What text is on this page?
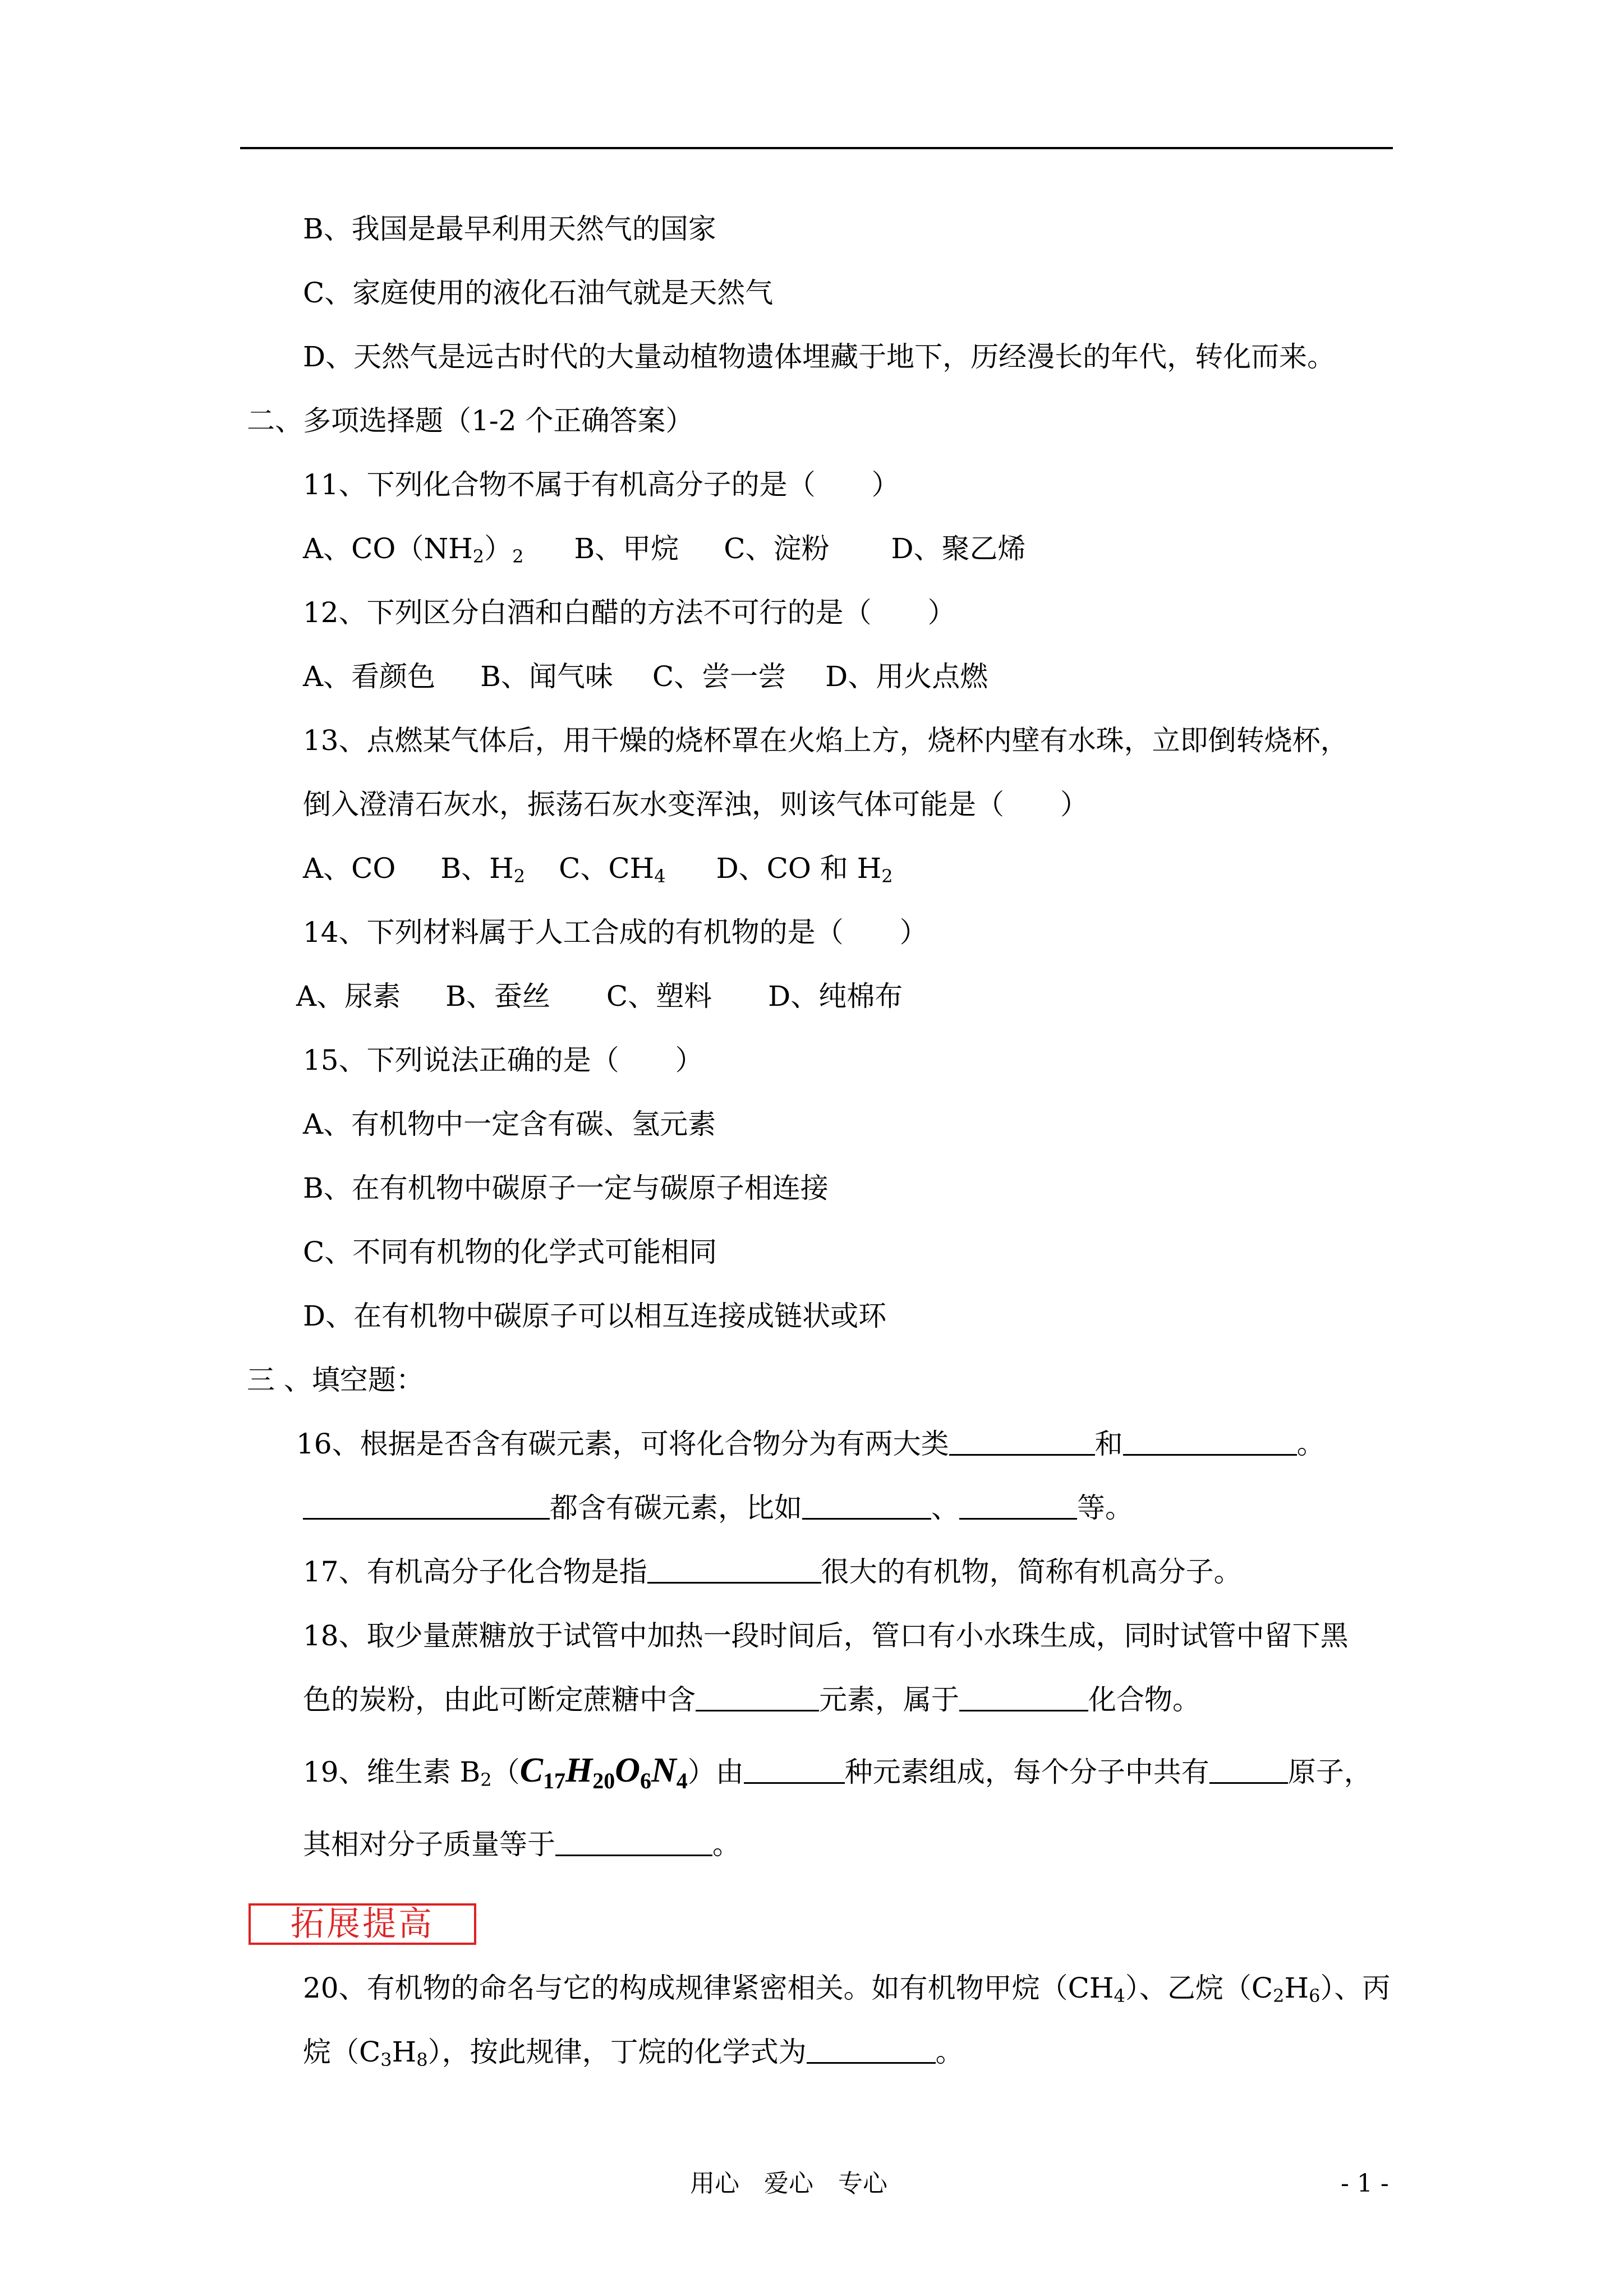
B、我国是最早利用天然气的国家
C、家庭使用的液化石油气就是天然气
D、天然气是远古时代的大量动植物遗体埋藏于地下，历经漫长的年代，转化而来。
二、多项选择题（1-2 个正确答案）
11、下列化合物不属于有机高分子的是（　　）
A、$CO(NH_2)_2$ B、甲烷 C、淀粉 D、聚乙烯
12、下列区分白酒和白醋的方法不可行的是（　　）
A、看颜色 B、闻气味 C、尝一尝 D、用火点燃
13、点燃某气体后，用干燥的烧杯罩在火焰上方，烧杯内壁有水珠，立即倒转烧杯，
倒入澄清石灰水，振荡石灰水变浑浊，则该气体可能是（　　）
A、CO B、$H_2$ C、$CH_4$ D、CO 和 $H_2$
14、下列材料属于人工合成的有机物的是（　　）
A、尿素 B、蚕丝 C、塑料 D、纯棉布
15、下列说法正确的是（　　）
A、有机物中一定含有碳、氢元素
B、在有机物中碳原子一定与碳原子相连接
C、不同有机物的化学式可能相同
D、在有机物中碳原子可以相互连接成链状或环
三 、填空题：
16、根据是否含有碳元素，可将化合物分为有两大类	和	。
都含有碳元素，比如	、	等。
17、有机高分子化合物是指	很大的有机物，简称有机高分子。
18、取少量蔗糖放于试管中加热一段时间后，管口有小水珠生成，同时试管中留下黑
色的炭粉，由此可断定蔗糖中含	元素，属于	化合物。
19、维生素 $B_2(C_{17}H_{20}O_6N_4)$由	种元素组成，每个分子中共有	原子，
其相对分子质量等于	。
拓展提高
20、有机物的命名与它的构成规律紧密相关。如有机物甲烷$(CH_4)$、乙烷$(C_2H_6)$、丙
烷$(C_3H_8)$，按此规律，丁烷的化学式为	。
用心　爱心　专心	- 1 -
